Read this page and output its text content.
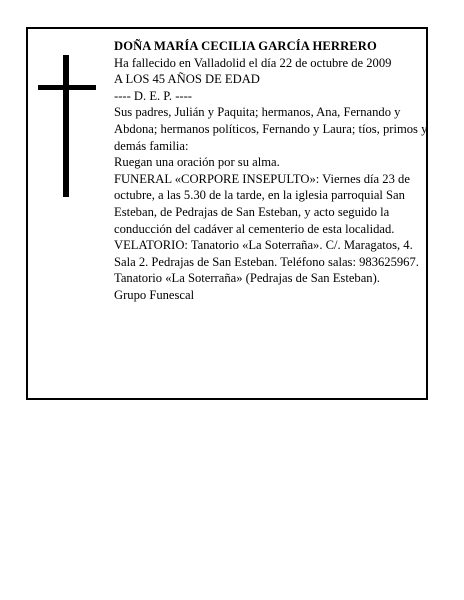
DOÑA MARÍA CECILIA GARCÍA HERRERO

Ha fallecido en Valladolid el día 22 de octubre de 2009

A LOS 45 AÑOS DE EDAD

---- D. E. P. ----

Sus padres, Julián y Paquita; hermanos, Ana, Fernando y Abdona; hermanos políticos, Fernando y Laura; tíos, primos y demás familia:

Ruegan una oración por su alma.

FUNERAL «CORPORE INSEPULTO»: Viernes día 23 de octubre, a las 5.30 de la tarde, en la iglesia parroquial San Esteban, de Pedrajas de San Esteban, y acto seguido la conducción del cadáver al cementerio de esta localidad.

VELATORIO: Tanatorio «La Soterraña». C/. Maragatos, 4. Sala 2. Pedrajas de San Esteban. Teléfono salas: 983625967.

Tanatorio «La Soterraña» (Pedrajas de San Esteban).

Grupo Funescal
